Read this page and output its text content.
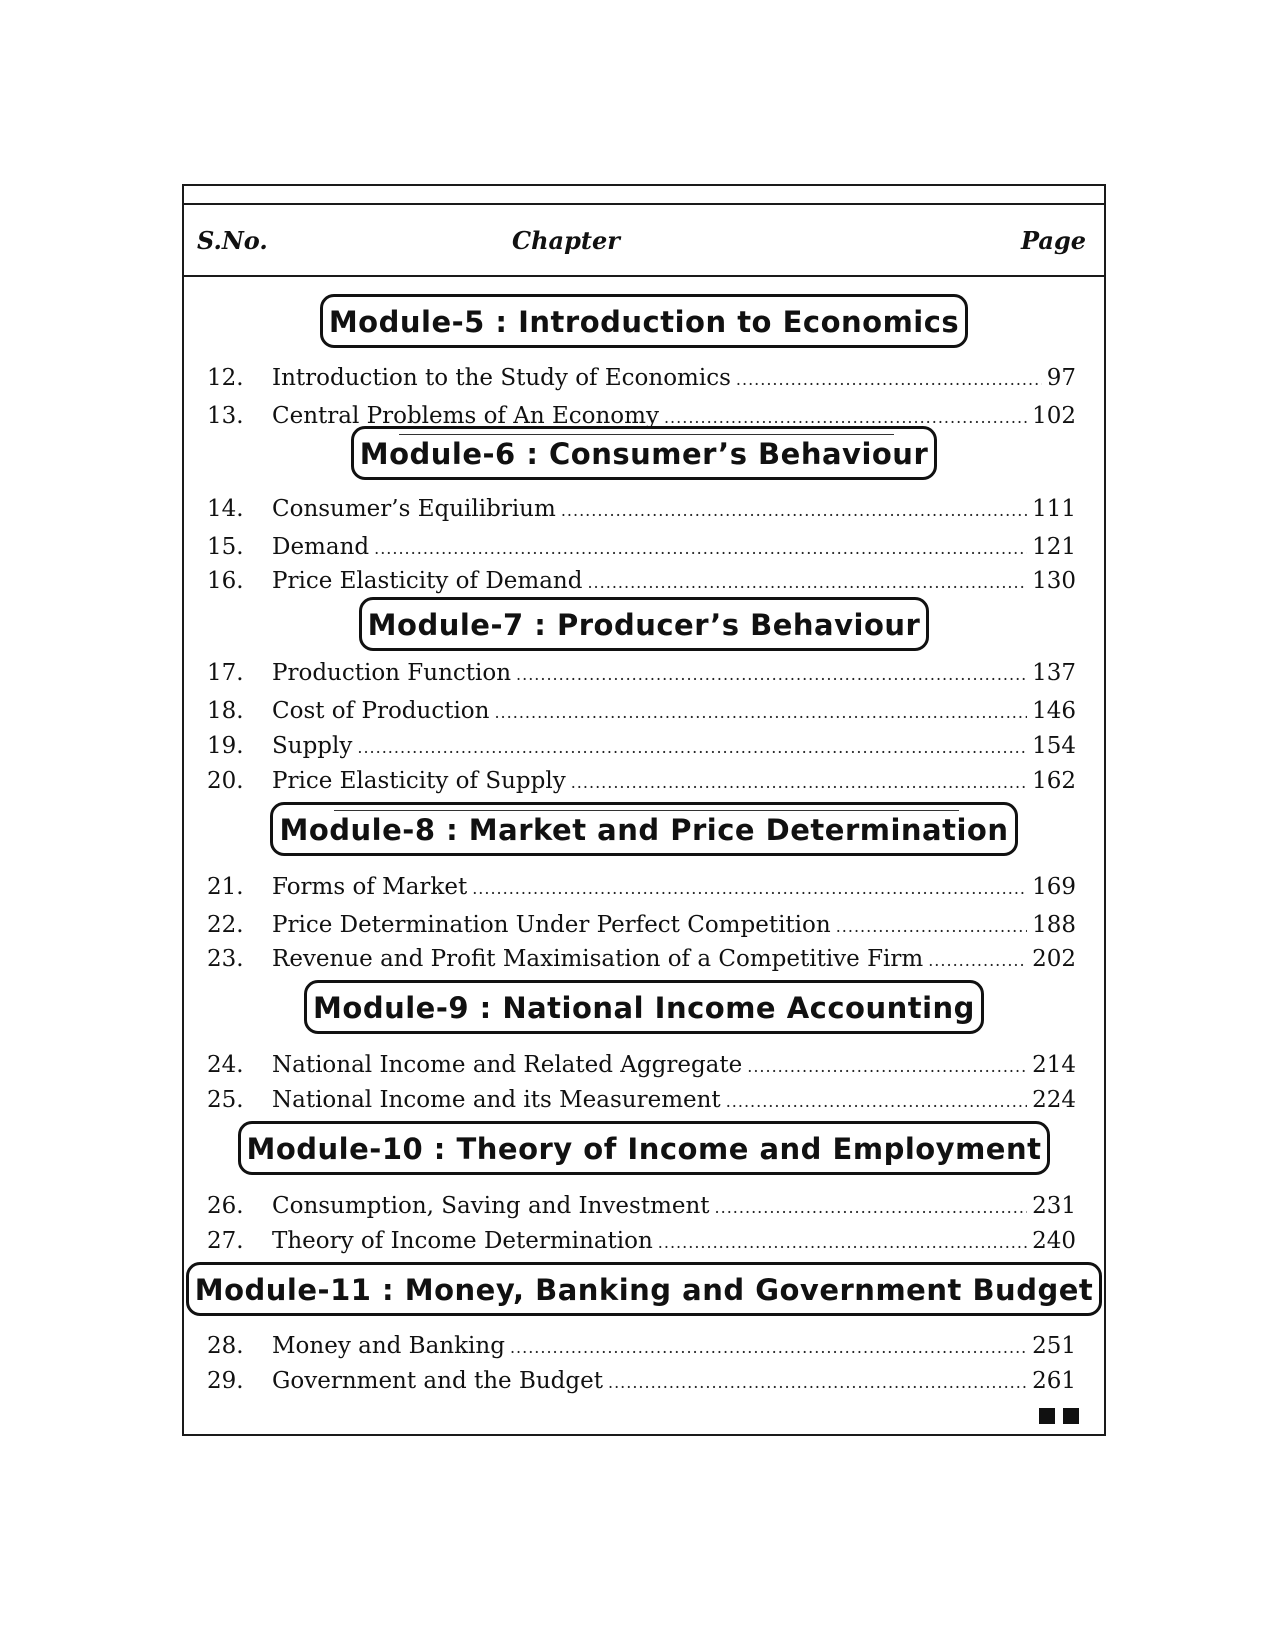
S.No.	Chapter	Page
Module-5 : Introduction to Economics
12.	Introduction to the Study of Economics .....	97
13.	Central Problems of An Economy .....	102
Module-6 : Consumer’s Behaviour
14.	Consumer’s Equilibrium .....	111
15.	Demand .....	121
16.	Price Elasticity of Demand .....	130
Module-7 : Producer’s Behaviour
17.	Production Function .....	137
18.	Cost of Production .....	146
19.	Supply .....	154
20.	Price Elasticity of Supply .....	162
Module-8 : Market and Price Determination
21.	Forms of Market .....	169
22.	Price Determination Under Perfect Competition .....	188
23.	Revenue and Profit Maximisation of a Competitive Firm .....	202
Module-9 : National Income Accounting
24.	National Income and Related Aggregate .....	214
25.	National Income and its Measurement .....	224
Module-10 : Theory of Income and Employment
26.	Consumption, Saving and Investment .....	231
27.	Theory of Income Determination .....	240
Module-11 : Money, Banking and Government Budget
28.	Money and Banking .....	251
29.	Government and the Budget .....	261
